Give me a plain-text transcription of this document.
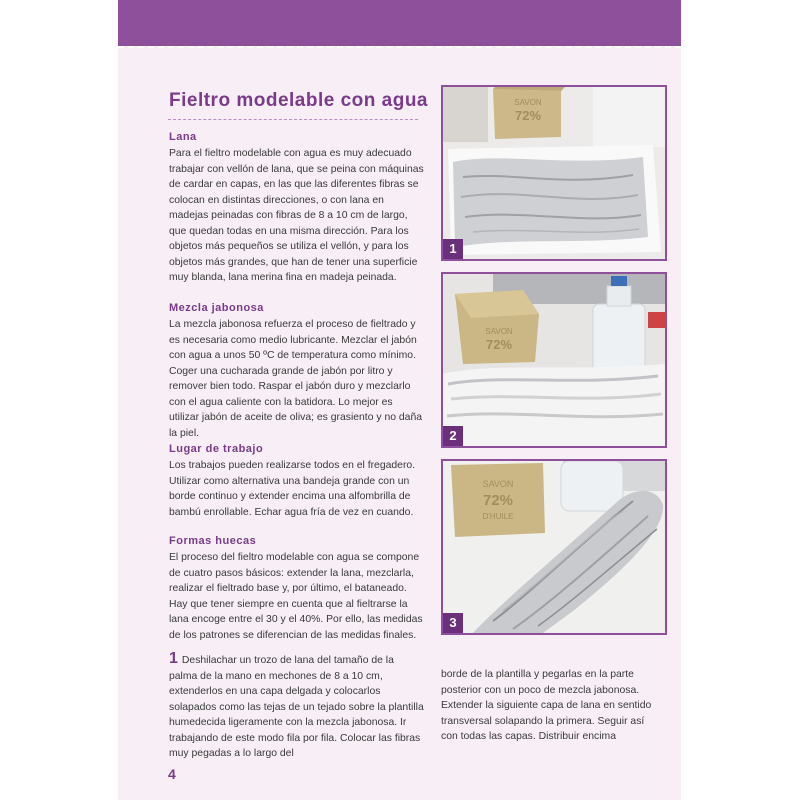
Fieltro modelable con agua
Lana
Para el fieltro modelable con agua es muy adecuado trabajar con vellón de lana, que se peina con máquinas de cardar en capas, en las que las diferentes fibras se colocan en distintas direcciones, o con lana en madejas peinadas con fibras de 8 a 10 cm de largo, que quedan todas en una misma dirección. Para los objetos más pequeños se utiliza el vellón, y para los objetos más grandes, que han de tener una superficie muy blanda, lana merina fina en madeja peinada.
Mezcla jabonosa
La mezcla jabonosa refuerza el proceso de fieltrado y es necesaria como medio lubricante. Mezclar el jabón con agua a unos 50 ºC de temperatura como mínimo. Coger una cucharada grande de jabón por litro y remover bien todo. Raspar el jabón duro y mezclarlo con el agua caliente con la batidora. Lo mejor es utilizar jabón de aceite de oliva; es grasiento y no daña la piel.
Lugar de trabajo
Los trabajos pueden realizarse todos en el fregadero. Utilizar como alternativa una bandeja grande con un borde continuo y extender encima una alfombrilla de bambú enrollable. Echar agua fría de vez en cuando.
Formas huecas
El proceso del fieltro modelable con agua se compone de cuatro pasos básicos: extender la lana, mezclarla, realizar el fieltrado base y, por último, el bataneado. Hay que tener siempre en cuenta que al fieltrarse la lana encoge entre el 30 y el 40%. Por ello, las medidas de los patrones se diferencian de las medidas finales.
1 Deshilachar un trozo de lana del tamaño de la palma de la mano en mechones de 8 a 10 cm, extenderlos en una capa delgada y colocarlos solapados como las tejas de un tejado sobre la plantilla humedecida ligeramente con la mezcla jabonosa. Ir trabajando de este modo fila por fila. Colocar las fibras muy pegadas a lo largo del
borde de la plantilla y pegarlas en la parte posterior con un poco de mezcla jabonosa. Extender la siguiente capa de lana en sentido transversal solapando la primera. Seguir así con todas las capas. Distribuir encima
SAVON
72%
1
SAVON
72%
2
SAVON
72%
D'HUILE
3
4
